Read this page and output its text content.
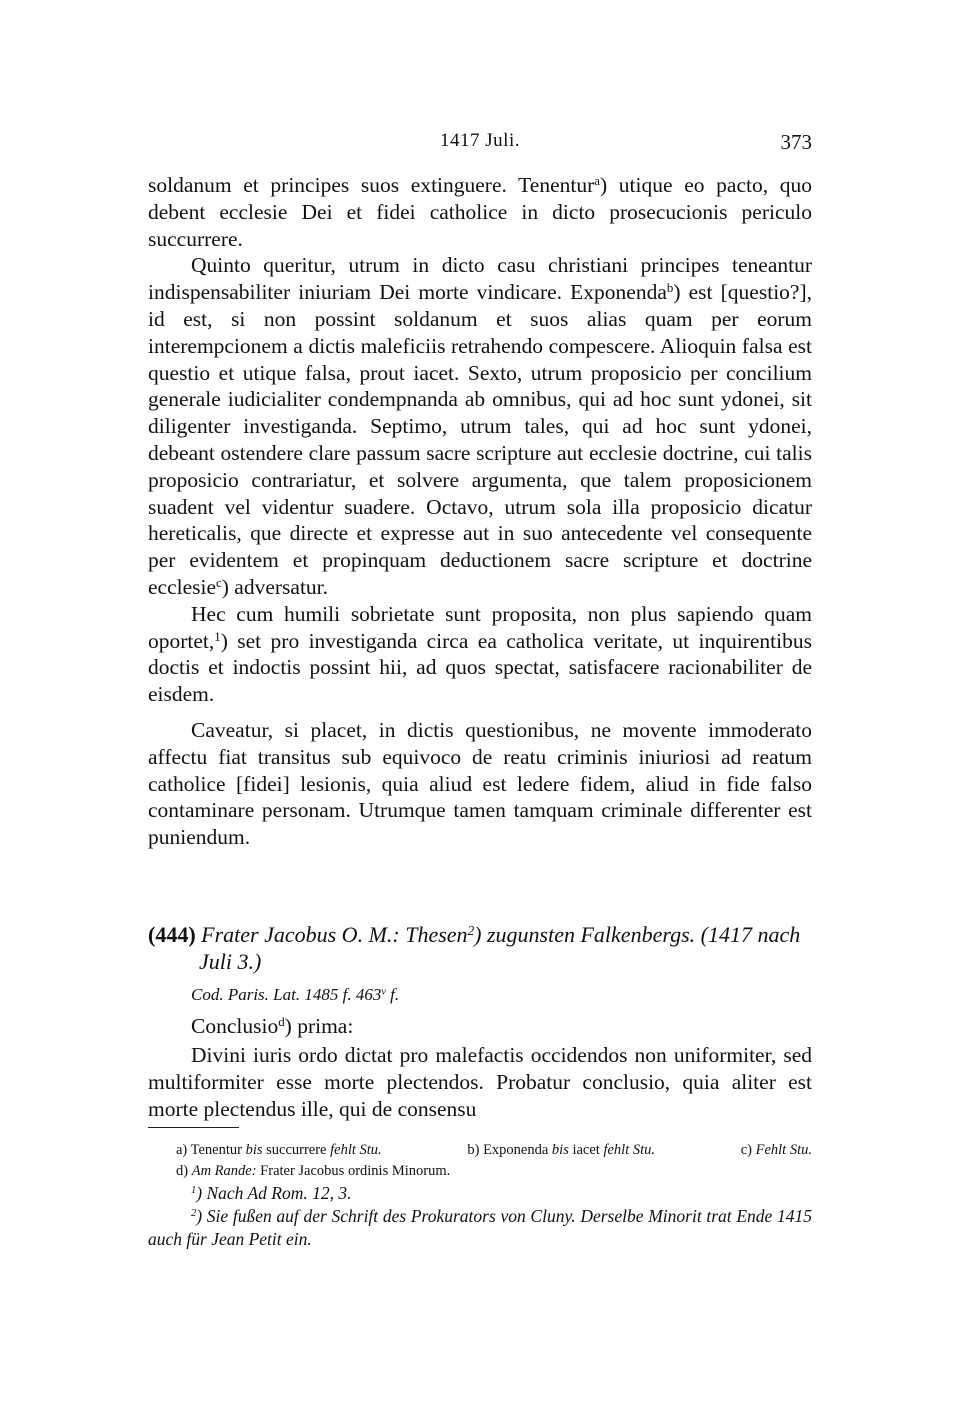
1417 Juli.	373

soldanum et principes suos extinguere. Tenentur$^a$) utique eo pacto, quo debent ecclesie Dei et fidei catholice in dicto prosecucionis periculo succurrere.

Quinto queritur, utrum in dicto casu christiani principes teneantur indispensabiliter iniuriam Dei morte vindicare. Exponenda$^b$) est [questio?], id est, si non possint soldanum et suos alias quam per eorum interempcionem a dictis maleficiis retrahendo compescere. Alioquin falsa est questio et utique falsa, prout iacet. Sexto, utrum proposicio per concilium generale iudicialiter condempnanda ab omnibus, qui ad hoc sunt ydonei, sit diligenter investiganda. Septimo, utrum tales, qui ad hoc sunt ydonei, debeant ostendere clare passum sacre scripture aut ecclesie doctrine, cui talis proposicio contrariatur, et solvere argumenta, que talem proposicionem suadent vel videntur suadere. Octavo, utrum sola illa proposicio dicatur hereticalis, que directe et expresse aut in suo antecedente vel consequente per evidentem et propinquam deductionem sacre scripture et doctrine ecclesie$^c$) adversatur.

Hec cum humili sobrietate sunt proposita, non plus sapiendo quam oportet,$^1$) set pro investiganda circa ea catholica veritate, ut inquirentibus doctis et indoctis possint hii, ad quos spectat, satisfacere racionabiliter de eisdem.

Caveatur, si placet, in dictis questionibus, ne movente immoderato affectu fiat transitus sub equivoco de reatu criminis iniuriosi ad reatum catholice [fidei] lesionis, quia aliud est ledere fidem, aliud in fide falso contaminare personam. Utrumque tamen tamquam criminale differenter est puniendum.

(444) Frater Jacobus O. M.: Thesen$^2$) zugunsten Falkenbergs. (1417 nach Juli 3.)

Cod. Paris. Lat. 1485 f. 463$^v$ f.

Conclusio$^d$) prima:

Divini iuris ordo dictat pro malefactis occidendos non uniformiter, sed multiformiter esse morte plectendos. Probatur conclusio, quia aliter est morte plectendus ille, qui de consensu

a) Tenentur bis succurrere fehlt Stu.	b) Exponenda bis iacet fehlt Stu.	c) Fehlt Stu.

d) Am Rande: Frater Jacobus ordinis Minorum.

$^1$) Nach Ad Rom. 12, 3.

$^2$) Sie fußen auf der Schrift des Prokurators von Cluny. Derselbe Minorit trat Ende 1415 auch für Jean Petit ein.
